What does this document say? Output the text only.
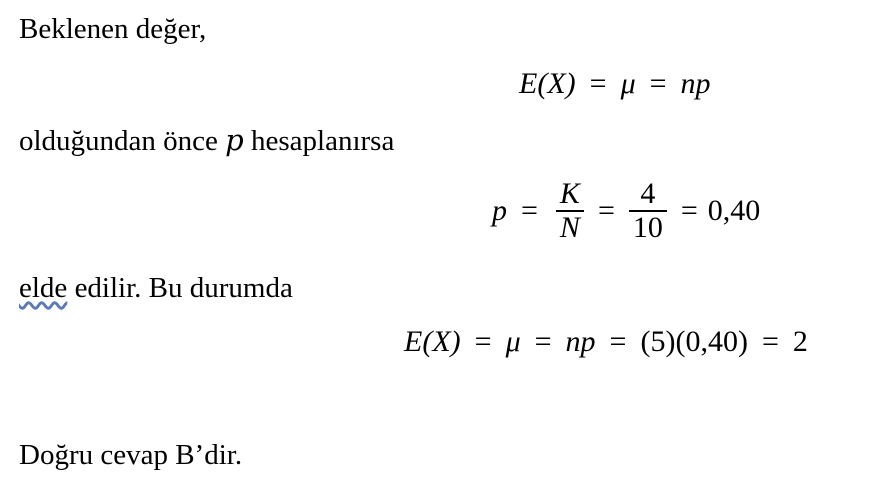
Beklenen değer,
E(X) = μ = np
olduğundan önce p hesaplanırsa
$p = \frac{K}{N} = \frac{4}{10} = 0,40$
elde edilir. Bu durumda
E(X) = μ = np = (5)(0,40) = 2
Doğru cevap B’dir.
